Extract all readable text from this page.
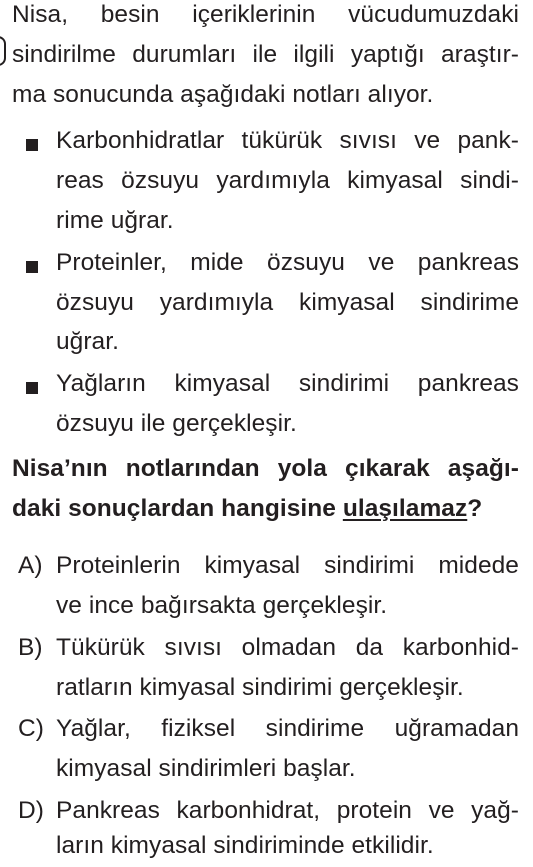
Nisa, besin içeriklerinin vücudumuzdaki
sindirilme durumları ile ilgili yaptığı araştır-
ma sonucunda aşağıdaki notları alıyor.
Karbonhidratlar tükürük sıvısı ve pank-
reas özsuyu yardımıyla kimyasal sindi-
rime uğrar.
Proteinler, mide özsuyu ve pankreas
özsuyu yardımıyla kimyasal sindirime
uğrar.
Yağların kimyasal sindirimi pankreas
özsuyu ile gerçekleşir.
Nisa’nın notlarından yola çıkarak aşağı-
daki sonuçlardan hangisine ulaşılamaz?
A) Proteinlerin kimyasal sindirimi midede
ve ince bağırsakta gerçekleşir.
B) Tükürük sıvısı olmadan da karbonhid-
ratların kimyasal sindirimi gerçekleşir.
C) Yağlar, fiziksel sindirime uğramadan
kimyasal sindirimleri başlar.
D) Pankreas karbonhidrat, protein ve yağ-
ların kimyasal sindiriminde etkilidir.
